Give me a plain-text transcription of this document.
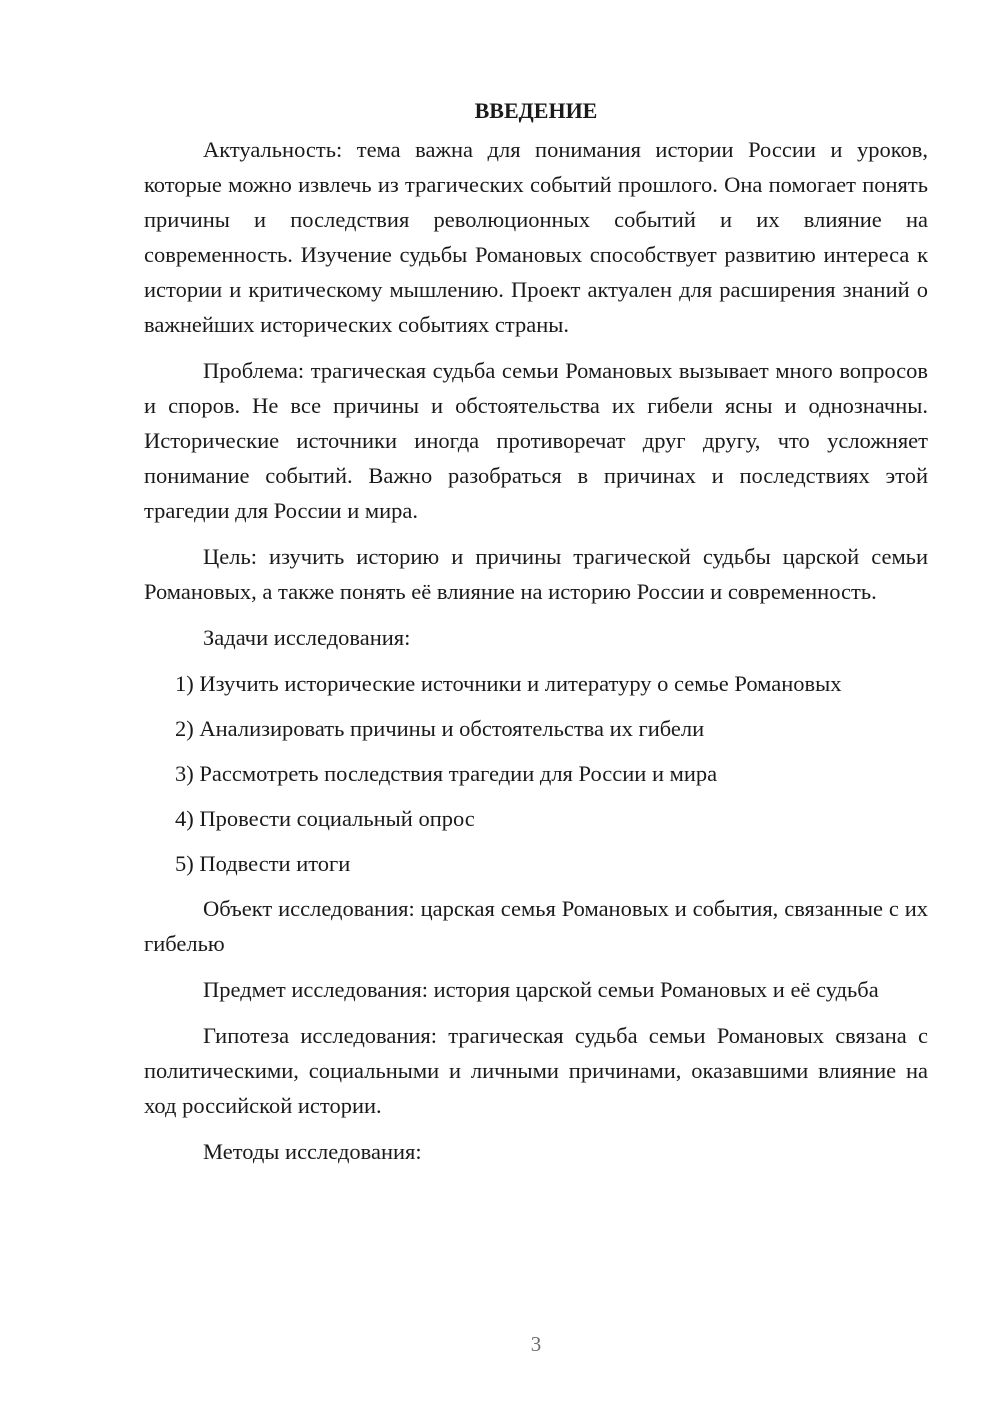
ВВЕДЕНИЕ

Актуальность: тема важна для понимания истории России и уроков, которые можно извлечь из трагических событий прошлого. Она помогает понять причины и последствия революционных событий и их влияние на современность. Изучение судьбы Романовых способствует развитию интереса к истории и критическому мышлению. Проект актуален для расширения знаний о важнейших исторических событиях страны.

Проблема: трагическая судьба семьи Романовых вызывает много вопросов и споров. Не все причины и обстоятельства их гибели ясны и однозначны. Исторические источники иногда противоречат друг другу, что усложняет понимание событий. Важно разобраться в причинах и последствиях этой трагедии для России и мира.

Цель: изучить историю и причины трагической судьбы царской семьи Романовых, а также понять её влияние на историю России и современность.

Задачи исследования:

1) Изучить исторические источники и литературу о семье Романовых
2) Анализировать причины и обстоятельства их гибели
3) Рассмотреть последствия трагедии для России и мира
4) Провести социальный опрос
5) Подвести итоги

Объект исследования: царская семья Романовых и события, связанные с их гибелью

Предмет исследования: история царской семьи Романовых и её судьба

Гипотеза исследования: трагическая судьба семьи Романовых связана с политическими, социальными и личными причинами, оказавшими влияние на ход российской истории.

Методы исследования:

3
